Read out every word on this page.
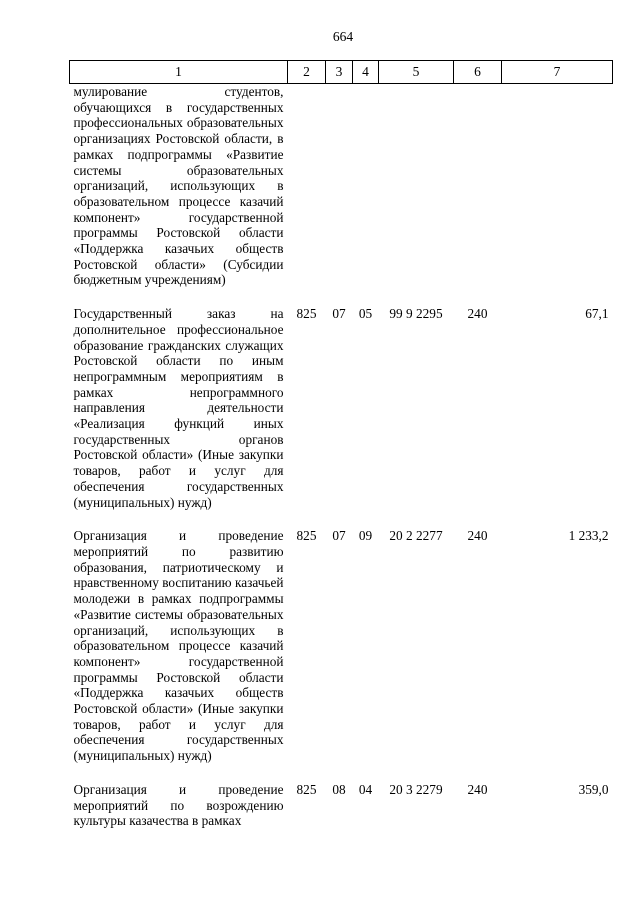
664
1	2	3	4	5	6	7
мулирование студентов, обучающихся в государственных профессиональных образовательных организациях Ростовской области, в рамках подпрограммы «Развитие системы образовательных организаций, использующих в образовательном процессе казачий компонент» государственной программы Ростовской области «Поддержка казачьих обществ Ростовской области» (Субсидии бюджетным учреждениям)						

Государственный заказ на дополнительное профессиональное образование гражданских служащих Ростовской области по иным непрограммным мероприятиям в рамках непрограммного направления деятельности «Реализация функций иных государственных органов Ростовской области» (Иные закупки товаров, работ и услуг для обеспечения государственных (муниципальных) нужд)	825	07	05	99 9 2295	240	67,1

Организация и проведение мероприятий по развитию образования, патриотическому и нравственному воспитанию казачьей молодежи в рамках подпрограммы «Развитие системы образовательных организаций, использующих в образовательном процессе казачий компонент» государственной программы Ростовской области «Поддержка казачьих обществ Ростовской области» (Иные закупки товаров, работ и услуг для обеспечения государственных (муниципальных) нужд)	825	07	09	20 2 2277	240	1 233,2

Организация и проведение мероприятий по возрождению культуры казачества в рамках	825	08	04	20 3 2279	240	359,0
